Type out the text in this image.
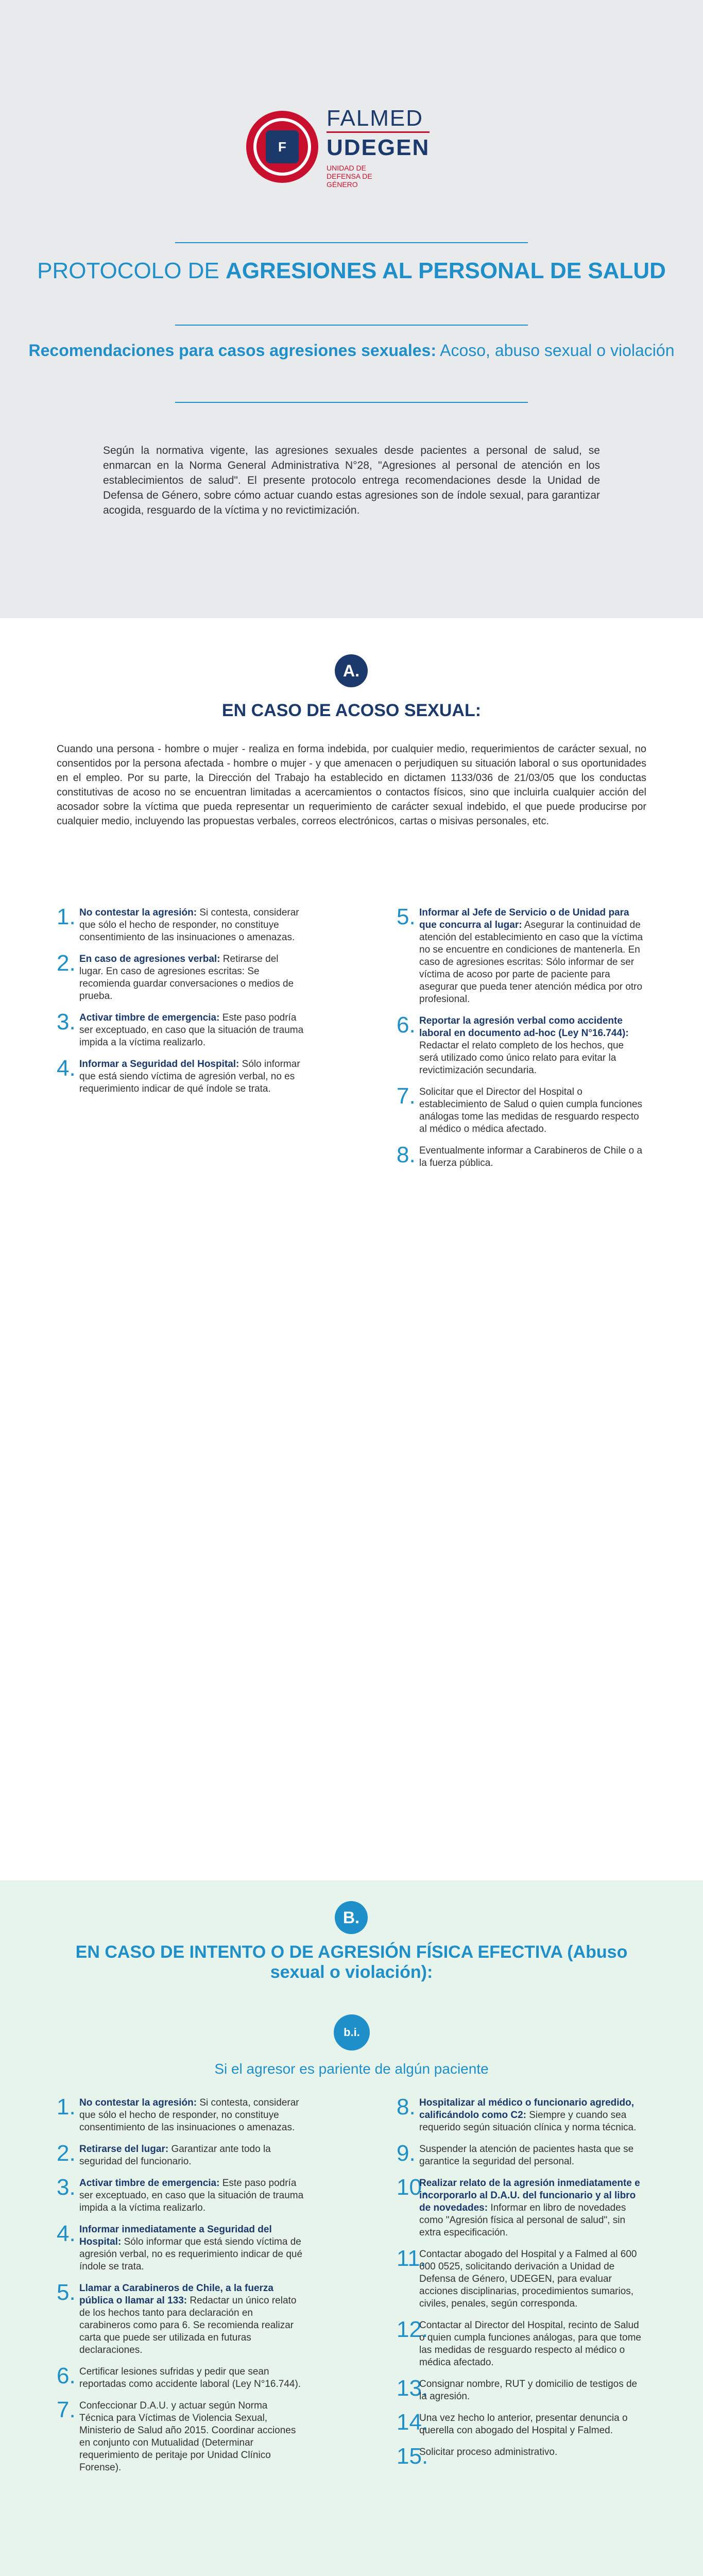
F
FALMED
UDEGEN
UNIDAD DE DEFENSA DE GÉNERO
PROTOCOLO DE AGRESIONES AL PERSONAL DE SALUD
Recomendaciones para casos agresiones sexuales: Acoso, abuso sexual o violación
Según la normativa vigente, las agresiones sexuales desde pacientes a personal de salud, se enmarcan en la Norma General Administrativa N°28, "Agresiones al personal de atención en los establecimientos de salud". El presente protocolo entrega recomendaciones desde la Unidad de Defensa de Género, sobre cómo actuar cuando estas agresiones son de índole sexual, para garantizar acogida, resguardo de la víctima y no revictimización.
A.
EN CASO DE ACOSO SEXUAL:
Cuando una persona - hombre o mujer - realiza en forma indebida, por cualquier medio, requerimientos de carácter sexual, no consentidos por la persona afectada - hombre o mujer - y que amenacen o perjudiquen su situación laboral o sus oportunidades en el empleo. Por su parte, la Dirección del Trabajo ha establecido en dictamen 1133/036 de 21/03/05 que los conductas constitutivas de acoso no se encuentran limitadas a acercamientos o contactos físicos, sino que incluirla cualquier acción del acosador sobre la víctima que pueda representar un requerimiento de carácter sexual indebido, el que puede producirse por cualquier medio, incluyendo las propuestas verbales, correos electrónicos, cartas o misivas personales, etc.
1. No contestar la agresión: Si contesta, considerar que sólo el hecho de responder, no constituye consentimiento de las insinuaciones o amenazas.
2. En caso de agresiones verbal: Retirarse del lugar. En caso de agresiones escritas: Se recomienda guardar conversaciones o medios de prueba.
3. Activar timbre de emergencia: Este paso podría ser exceptuado, en caso que la situación de trauma impida a la víctima realizarlo.
4. Informar a Seguridad del Hospital: Sólo informar que está siendo víctima de agresión verbal, no es requerimiento indicar de qué índole se trata.
5. Informar al Jefe de Servicio o de Unidad para que concurra al lugar: Asegurar la continuidad de atención del establecimiento en caso que la víctima no se encuentre en condiciones de mantenerla. En caso de agresiones escritas: Sólo informar de ser víctima de acoso por parte de paciente para asegurar que pueda tener atención médica por otro profesional.
6. Reportar la agresión verbal como accidente laboral en documento ad-hoc (Ley N°16.744): Redactar el relato completo de los hechos, que será utilizado como único relato para evitar la revictimización secundaria.
7. Solicitar que el Director del Hospital o establecimiento de Salud o quien cumpla funciones análogas tome las medidas de resguardo respecto al médico o médica afectado.
8. Eventualmente informar a Carabineros de Chile o a la fuerza pública.
B.
EN CASO DE INTENTO O DE AGRESIÓN FÍSICA EFECTIVA (Abuso sexual o violación):
b.i.
Si el agresor es pariente de algún paciente
1. No contestar la agresión: Si contesta, considerar que sólo el hecho de responder, no constituye consentimiento de las insinuaciones o amenazas.
2. Retirarse del lugar: Garantizar ante todo la seguridad del funcionario.
3. Activar timbre de emergencia: Este paso podría ser exceptuado, en caso que la situación de trauma impida a la víctima realizarlo.
4. Informar inmediatamente a Seguridad del Hospital: Sólo informar que está siendo víctima de agresión verbal, no es requerimiento indicar de qué índole se trata.
5. Llamar a Carabineros de Chile, a la fuerza pública o llamar al 133: Redactar un único relato de los hechos tanto para declaración en carabineros como para 6. Se recomienda realizar carta que puede ser utilizada en futuras declaraciones.
6. Certificar lesiones sufridas y pedir que sean reportadas como accidente laboral (Ley N°16.744).
7. Confeccionar D.A.U. y actuar según Norma Técnica para Víctimas de Violencia Sexual, Ministerio de Salud año 2015. Coordinar acciones en conjunto con Mutualidad (Determinar requerimiento de peritaje por Unidad Clínico Forense).
8. Hospitalizar al médico o funcionario agredido, calificándolo como C2: Siempre y cuando sea requerido según situación clínica y norma técnica.
9. Suspender la atención de pacientes hasta que se garantice la seguridad del personal.
10.
Realizar relato de la agresión inmediatamente e incorporarlo al D.A.U. del funcionario y al libro de novedades: Informar en libro de novedades como "Agresión física al personal de salud", sin extra especificación.
11.
Contactar abogado del Hospital y a Falmed al 600 600 0525, solicitando derivación a Unidad de Defensa de Género, UDEGEN, para evaluar acciones disciplinarias, procedimientos sumarios, civiles, penales, según corresponda.
12.
Contactar al Director del Hospital, recinto de Salud o quien cumpla funciones análogas, para que tome las medidas de resguardo respecto al médico o médica afectado.
13.
Consignar nombre, RUT y domicilio de testigos de la agresión.
14.
Una vez hecho lo anterior, presentar denuncia o querella con abogado del Hospital y Falmed.
15.
Solicitar proceso administrativo.
